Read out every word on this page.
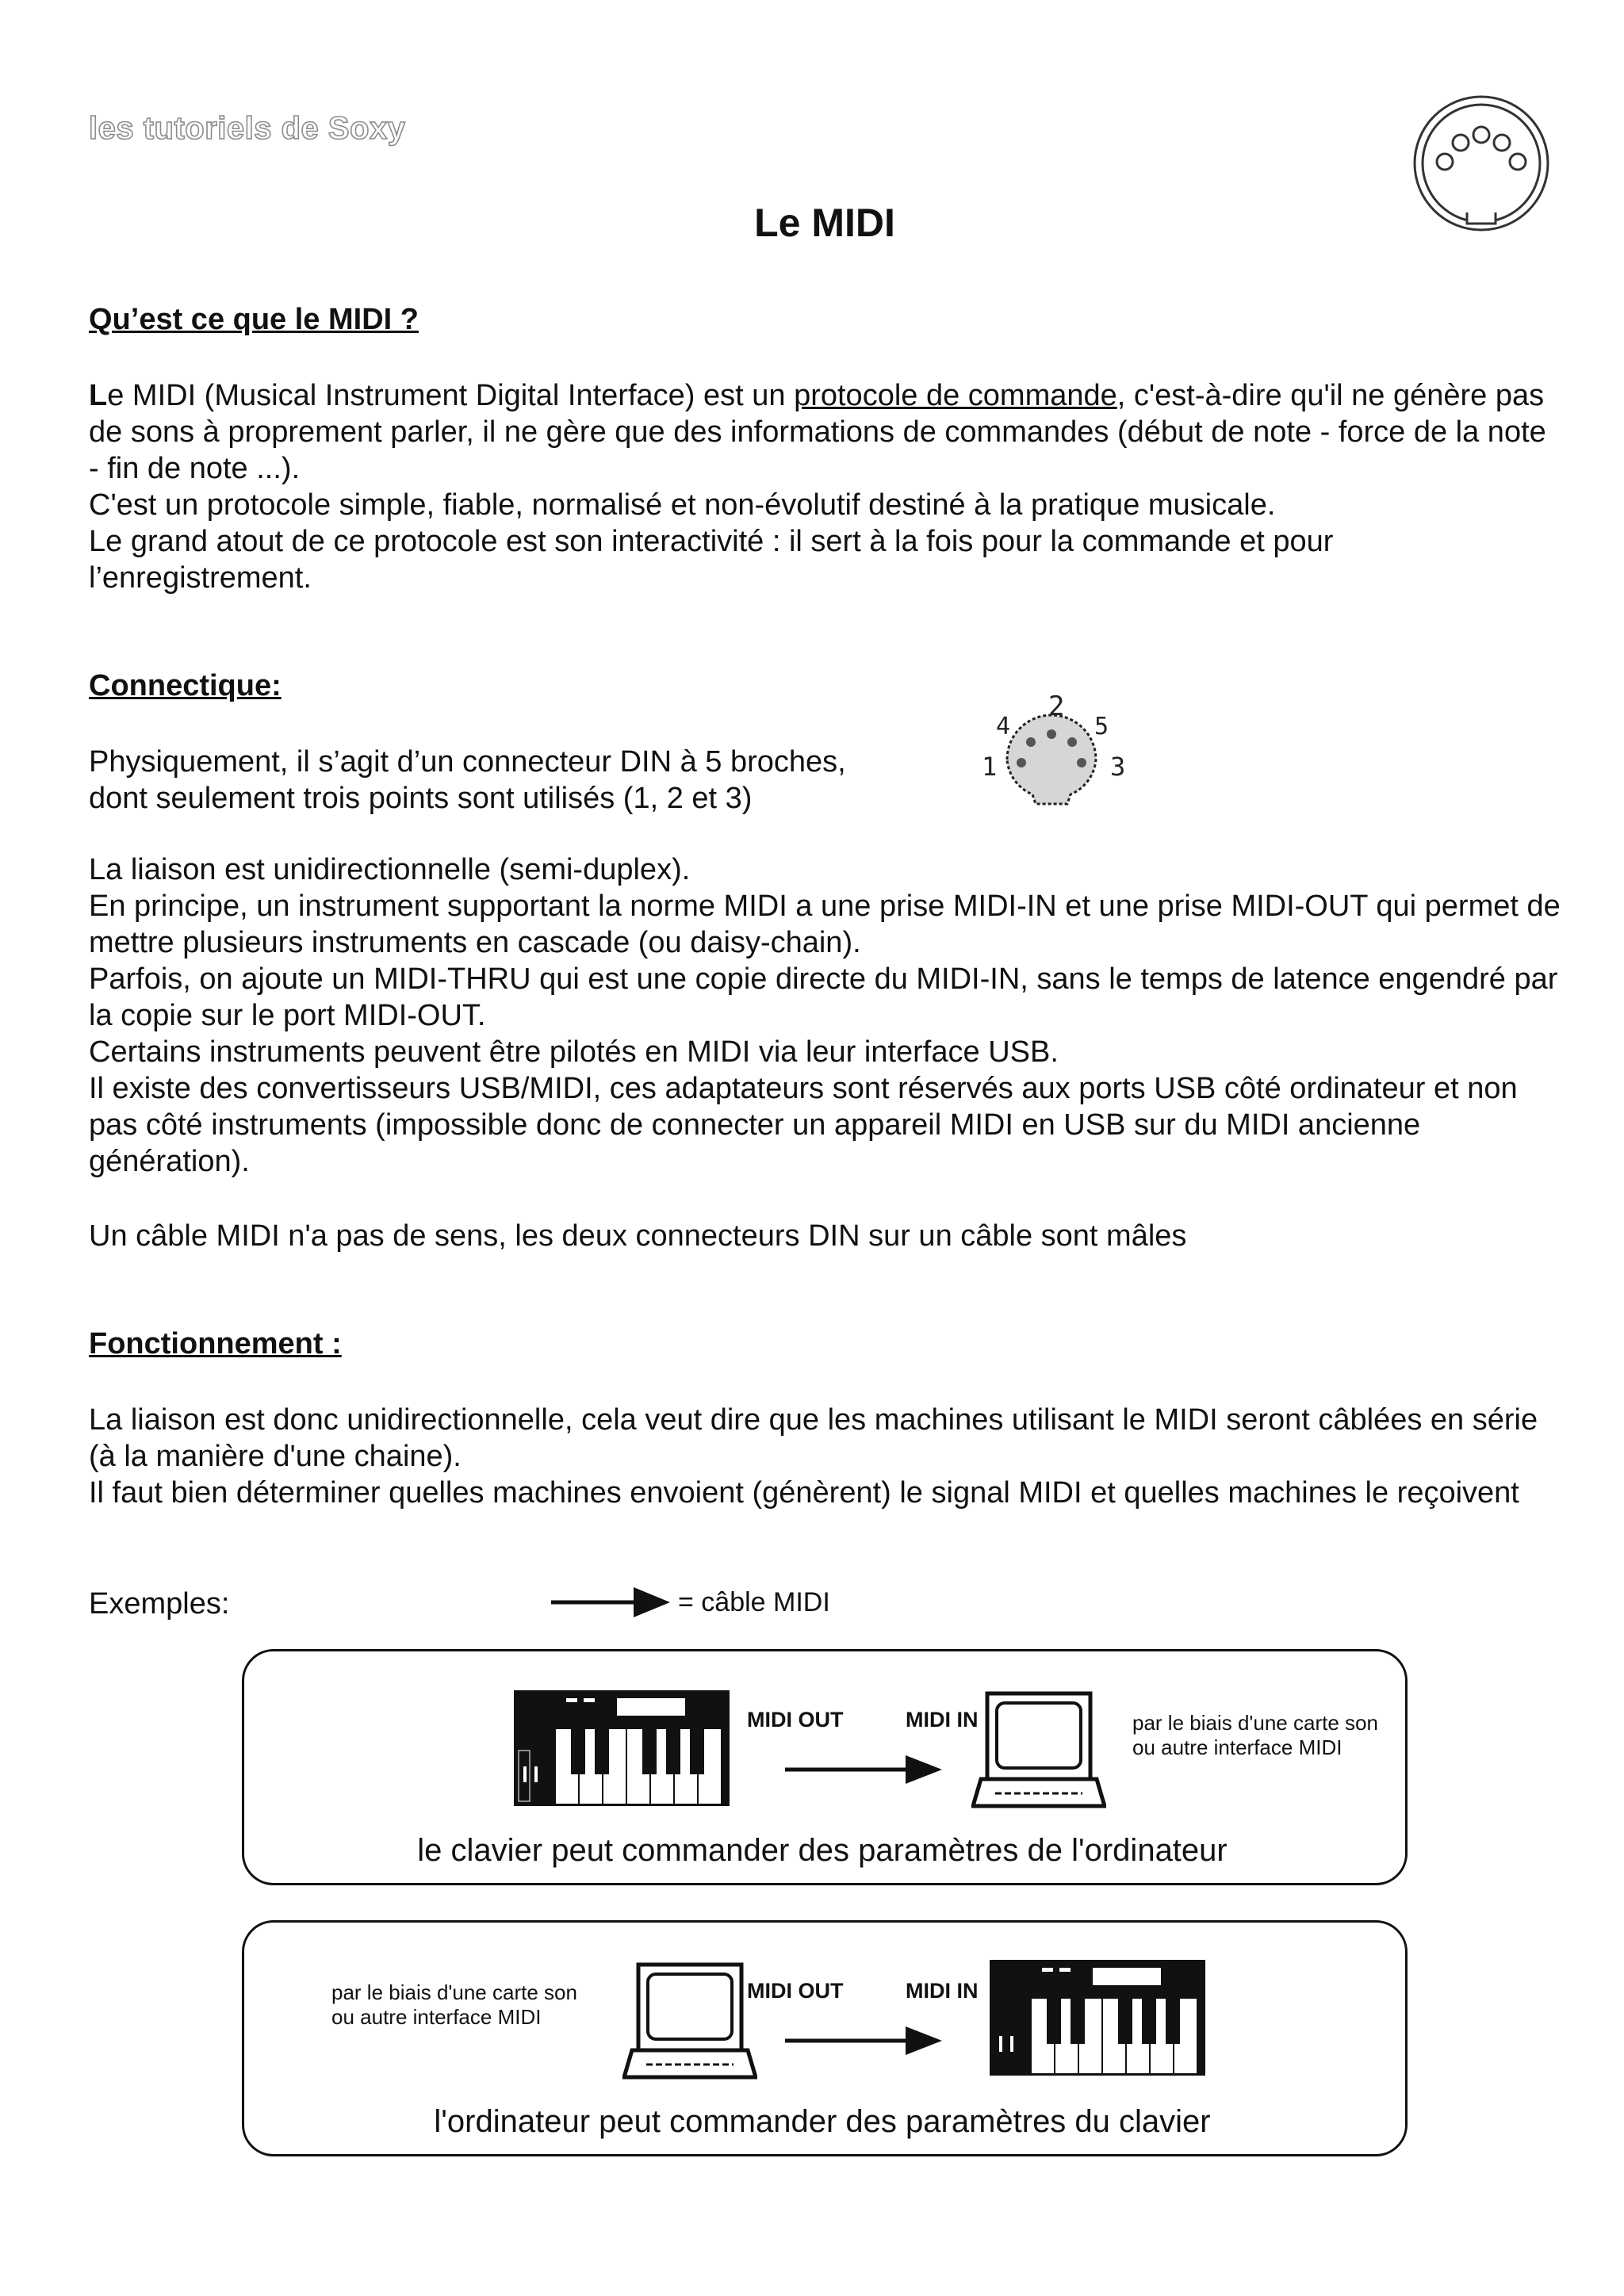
les tutoriels de Soxy
Le MIDI
Qu’est ce que le MIDI ?

Le MIDI (Musical Instrument Digital Interface) est un protocole de commande, c'est-à-dire qu'il ne génère pas de sons à proprement parler, il ne gère que des informations de commandes (début de note - force de la note - fin de note ...).

C'est un protocole simple, fiable, normalisé et non-évolutif destiné à la pratique musicale.

Le grand atout de ce protocole est son interactivité : il sert à la fois pour la commande et pour l’enregistrement.

Connectique:

Physiquement, il s’agit d’un connecteur DIN à 5 broches,

dont seulement trois points sont utilisés (1, 2 et 3)

2
4	5
1	3

La liaison est unidirectionnelle (semi-duplex).

En principe, un instrument supportant la norme MIDI a une prise MIDI-IN et une prise MIDI-OUT qui permet de mettre plusieurs instruments en cascade (ou daisy-chain).

Parfois, on ajoute un MIDI-THRU qui est une copie directe du MIDI-IN, sans le temps de latence engendré par la copie sur le port MIDI-OUT.

Certains instruments peuvent être pilotés en MIDI via leur interface USB.

Il existe des convertisseurs USB/MIDI, ces adaptateurs sont réservés aux ports USB côté ordinateur et non pas côté instruments (impossible donc de connecter un appareil MIDI en USB sur du MIDI ancienne génération).

Un câble MIDI n'a pas de sens, les deux connecteurs DIN sur un câble sont mâles
Fonctionnement :

La liaison est donc unidirectionnelle, cela veut dire que les machines utilisant le MIDI seront câblées en série (à la manière d'une chaine).

Il faut bien déterminer quelles machines envoient (génèrent) le signal MIDI et quelles machines le reçoivent

Exemples:	= câble MIDI
MIDI OUT	MIDI IN	par le biais d'une carte son
ou autre interface MIDI
le clavier peut commander des paramètres de l'ordinateur
par le biais d'une carte son
ou autre interface MIDI
MIDI OUT	MIDI IN
l'ordinateur peut commander des paramètres du clavier
